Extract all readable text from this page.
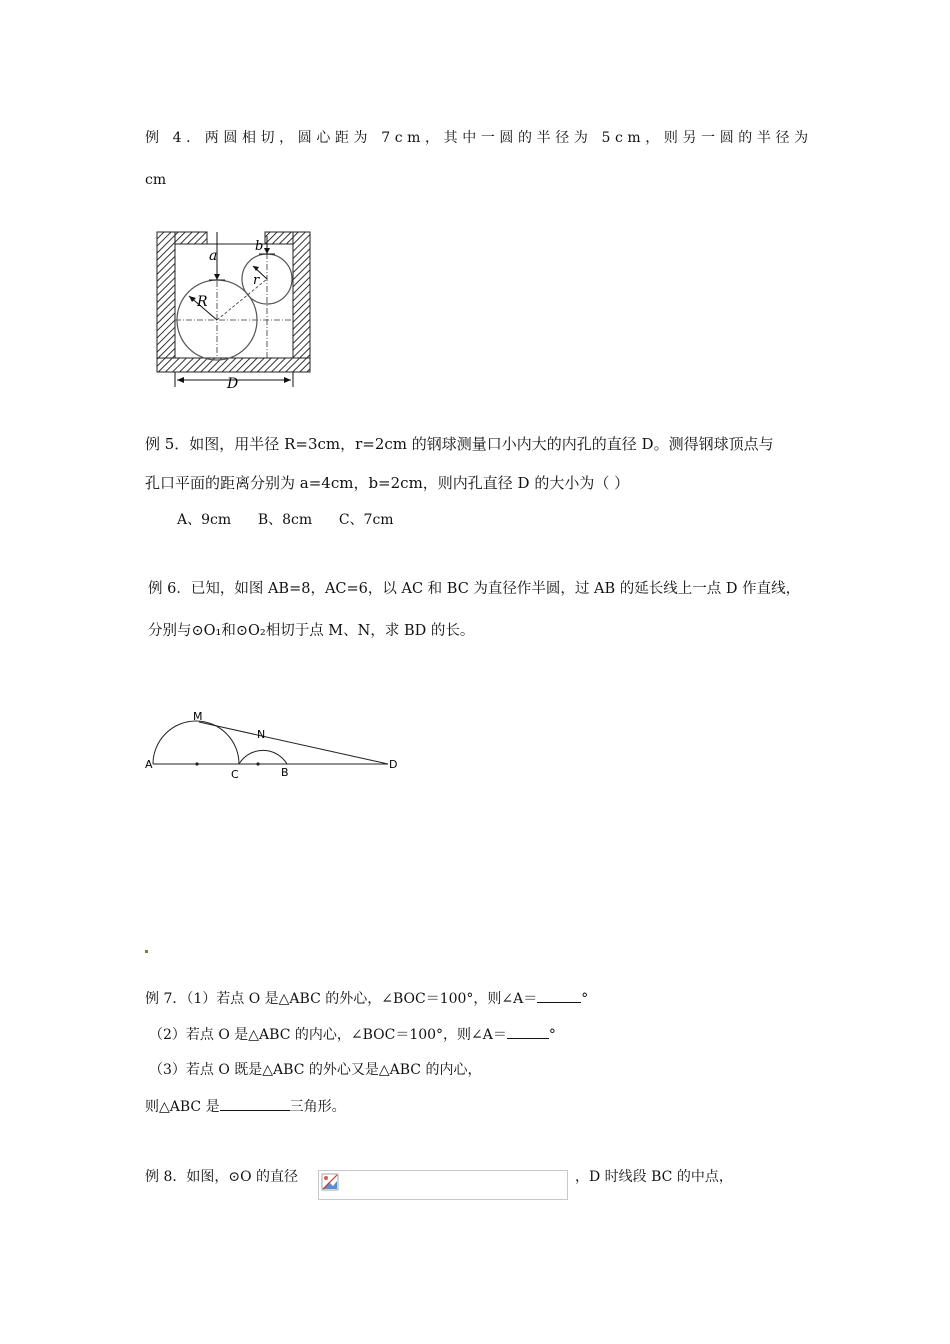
例 4．两圆相切，圆心距为 7cm，其中一圆的半径为 5cm，则另一圆的半径为
cm
a
b
R
r
D
例 5．如图，用半径 R=3cm，r=2cm 的钢球测量口小内大的内孔的直径 D。测得钢球顶点与
孔口平面的距离分别为 a=4cm，b=2cm，则内孔直径 D 的大小为（ ）
A、9cm      B、8cm      C、7cm
例 6．已知，如图 AB=8，AC=6，以 AC 和 BC 为直径作半圆，过 AB 的延长线上一点 D 作直线，
分别与⊙O₁和⊙O₂相切于点 M、N，求 BD 的长。
A
C	B
D
M
N
例 7．（1）若点 O 是△ABC 的外心，∠BOC＝100°，则∠A＝	°
（2）若点 O 是△ABC 的内心，∠BOC＝100°，则∠A＝	°
（3）若点 O 既是△ABC 的外心又是△ABC 的内心，
则△ABC 是	三角形。
例 8．如图，⊙O 的直径	，D 时线段 BC 的中点，
